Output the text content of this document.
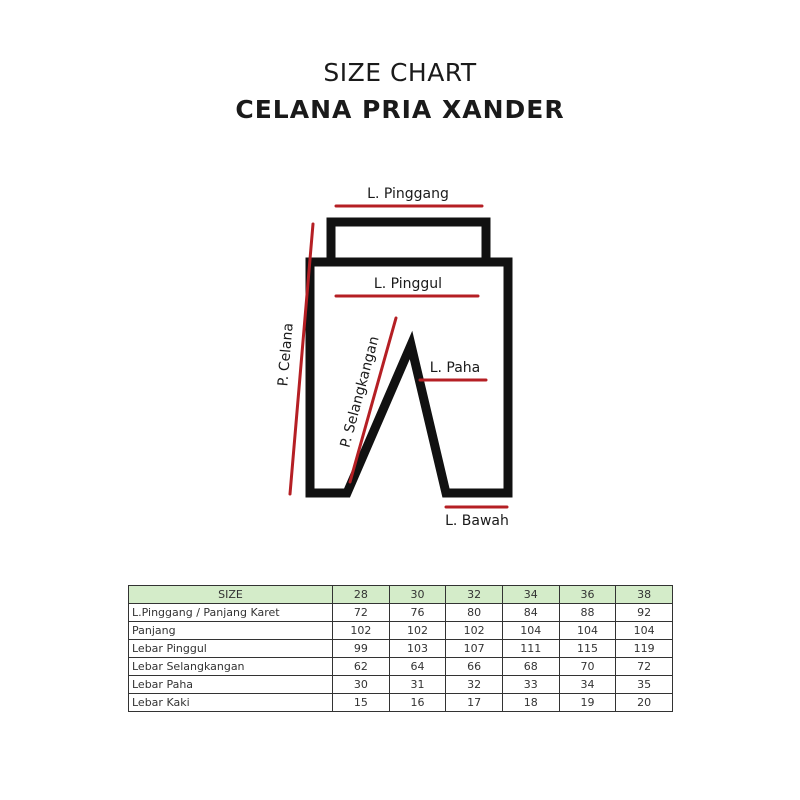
SIZE CHART
CELANA PRIA XANDER
L. Pinggang
L. Pinggul
L. Paha
L. Bawah
P. Celana	P. Selangkangan
SIZE	28	30	32	34	36	38
L.Pinggang / Panjang Karet	72	76	80	84	88	92
Panjang	102	102	102	104	104	104
Lebar Pinggul	99	103	107	111	115	119
Lebar Selangkangan	62	64	66	68	70	72
Lebar Paha	30	31	32	33	34	35
Lebar Kaki	15	16	17	18	19	20
